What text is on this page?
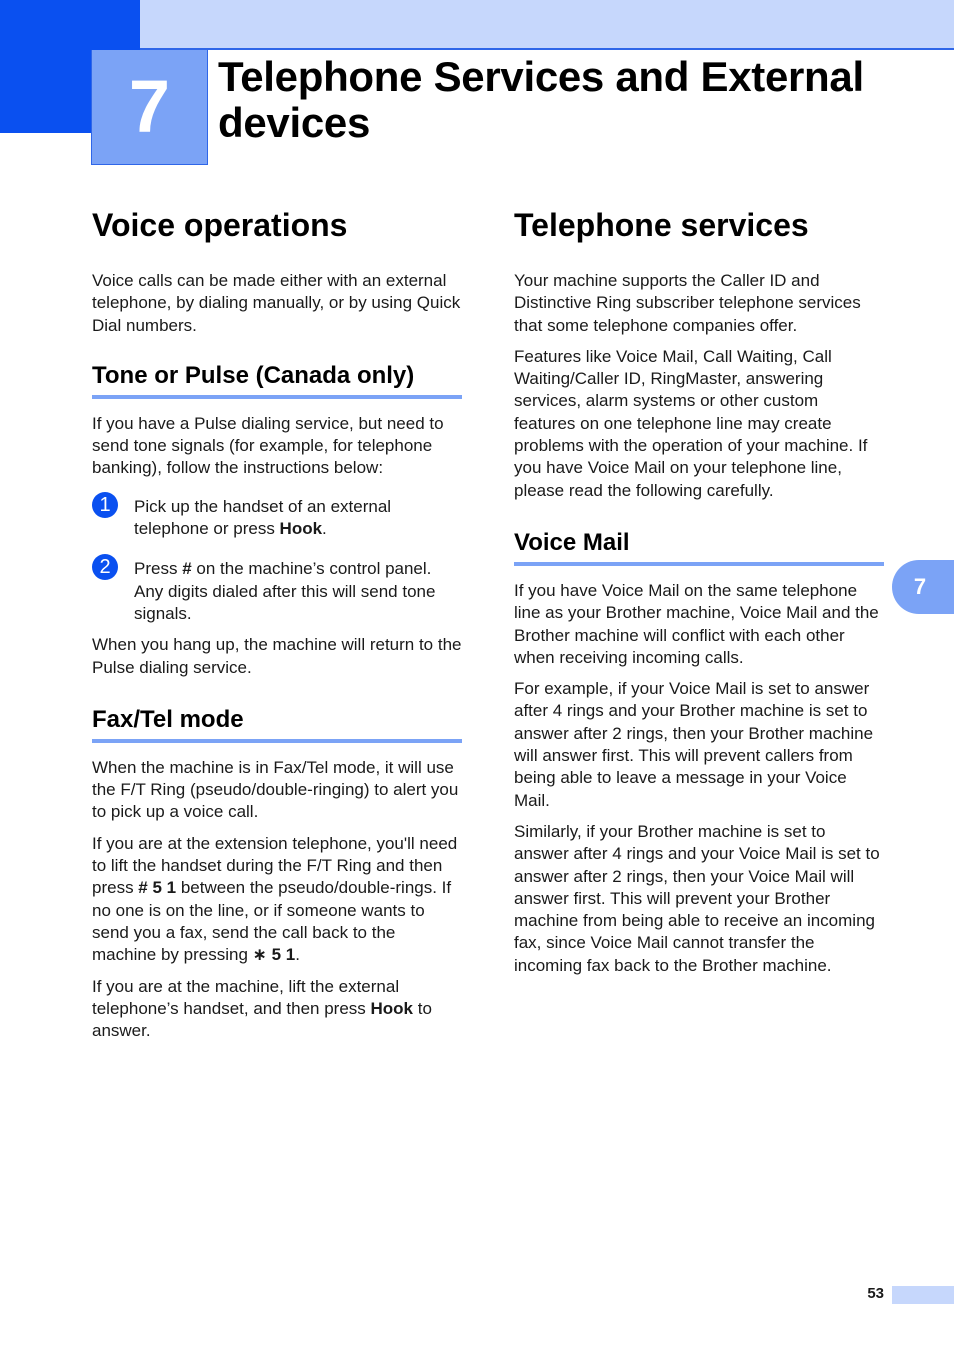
7	Telephone Services and External devices
Voice operations

Voice calls can be made either with an external telephone, by dialing manually, or by using Quick Dial numbers.

Tone or Pulse (Canada only)

If you have a Pulse dialing service, but need to send tone signals (for example, for telephone banking), follow the instructions below:

1	Pick up the handset of an external telephone or press Hook.

2	Press # on the machine’s control panel. Any digits dialed after this will send tone signals.

When you hang up, the machine will return to the Pulse dialing service.

Fax/Tel mode

When the machine is in Fax/Tel mode, it will use the F/T Ring (pseudo/double-ringing) to alert you to pick up a voice call.

If you are at the extension telephone, you'll need to lift the handset during the F/T Ring and then press # 5 1 between the pseudo/double-rings. If no one is on the line, or if someone wants to send you a fax, send the call back to the machine by pressing ∗ 5 1.

If you are at the machine, lift the external telephone’s handset, and then press Hook to answer.

Telephone services

Your machine supports the Caller ID and Distinctive Ring subscriber telephone services that some telephone companies offer.

Features like Voice Mail, Call Waiting, Call Waiting/Caller ID, RingMaster, answering services, alarm systems or other custom features on one telephone line may create problems with the operation of your machine. If you have Voice Mail on your telephone line, please read the following carefully.

Voice Mail

If you have Voice Mail on the same telephone line as your Brother machine, Voice Mail and the Brother machine will conflict with each other when receiving incoming calls.

For example, if your Voice Mail is set to answer after 4 rings and your Brother machine is set to answer after 2 rings, then your Brother machine will answer first. This will prevent callers from being able to leave a message in your Voice Mail.

Similarly, if your Brother machine is set to answer after 4 rings and your Voice Mail is set to answer after 2 rings, then your Voice Mail will answer first. This will prevent your Brother machine from being able to receive an incoming fax, since Voice Mail cannot transfer the incoming fax back to the Brother machine.

7
53
